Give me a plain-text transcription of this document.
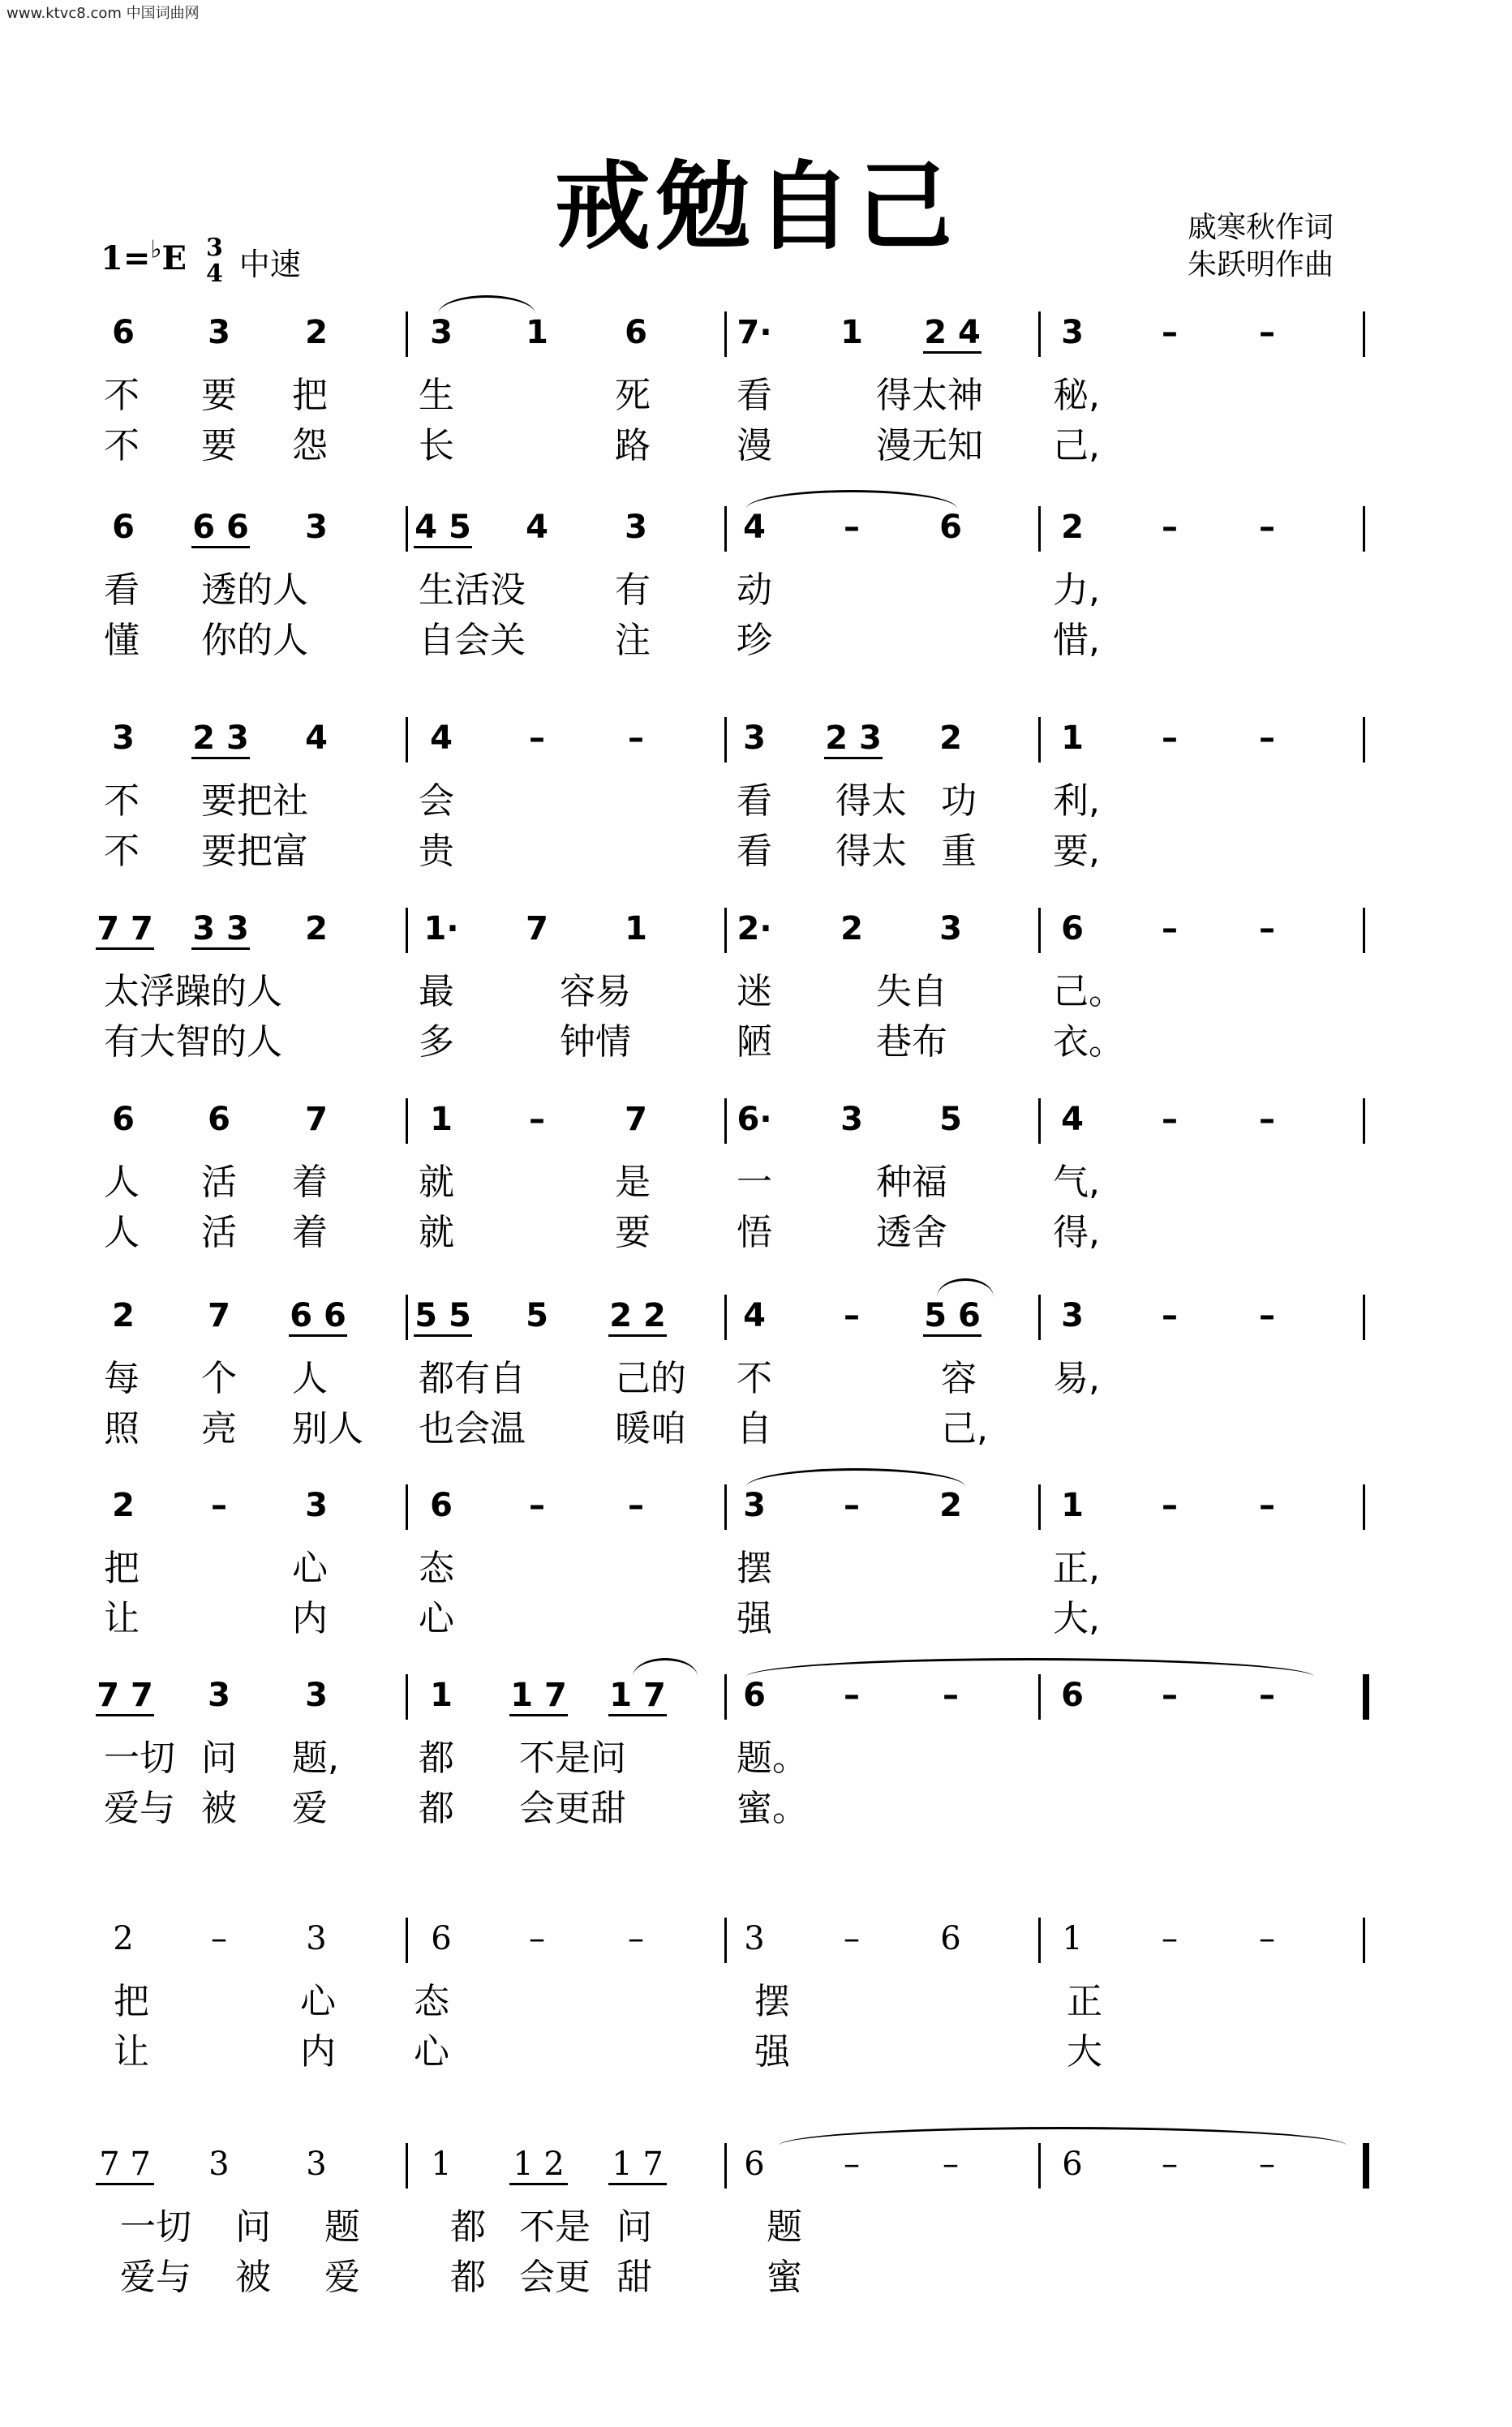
www.ktvc8.com 中国词曲网
戒勉自己
1=♭E 3
4 中速
戚寒秋作词
朱跃明作曲
6	3	2	3	1	6	7·	1	2 4	3	–	–
不 要 把	生	死 看	得太神 秘,
不 要 怨	长	路 漫	漫无知 己,
6	6 6	3	4 5	4	3	4	–	6	2	–	–
看 透的人	生活没	有 动	力,
懂 你的人	自会关	注 珍	惜,
3	2 3	4	4	–	–	3	2 3	2	1	–	–
不 要把社	会	看 得太 功 利,
不 要把富	贵	看 得太 重 要,
7 7	3 3	2	1·	7	1	2·	2	3	6	–	–
太浮躁的人	最	容易	迷	失自	己。
有大智的人	多	钟情	陋	巷布	衣。
6	6	7	1	–	7	6·	3	5	4	–	–
人 活 着	就	是 一	种福	气,
人 活 着	就	要 悟	透舍	得,
2	7	6 6	5 5	5	2 2	4	–	5 6	3	–	–
每 个 人	都有自	己的 不	容 易,
照 亮 别人 也会温	暖咱 自	己,
2	–	3	6	–	–	3	–	2	1	–	–
把	心	态	摆	正,
让	内	心	强	大,
7 7	3	3	1	1 7	1 7	6	–	–	6	–	–
一切 问 题, 都 不是问	题。
爱与 被 爱	都 会更甜	蜜。
2	–	3	6	–	–	3	–	6	1	–	–
把	心 态	摆	正
让	内 心	强	大
7 7	3	3	1	1 2	1 7	6	–	–	6	–	–
一切 问 题	都 不是 问	题
爱与 被 爱	都 会更 甜	蜜
